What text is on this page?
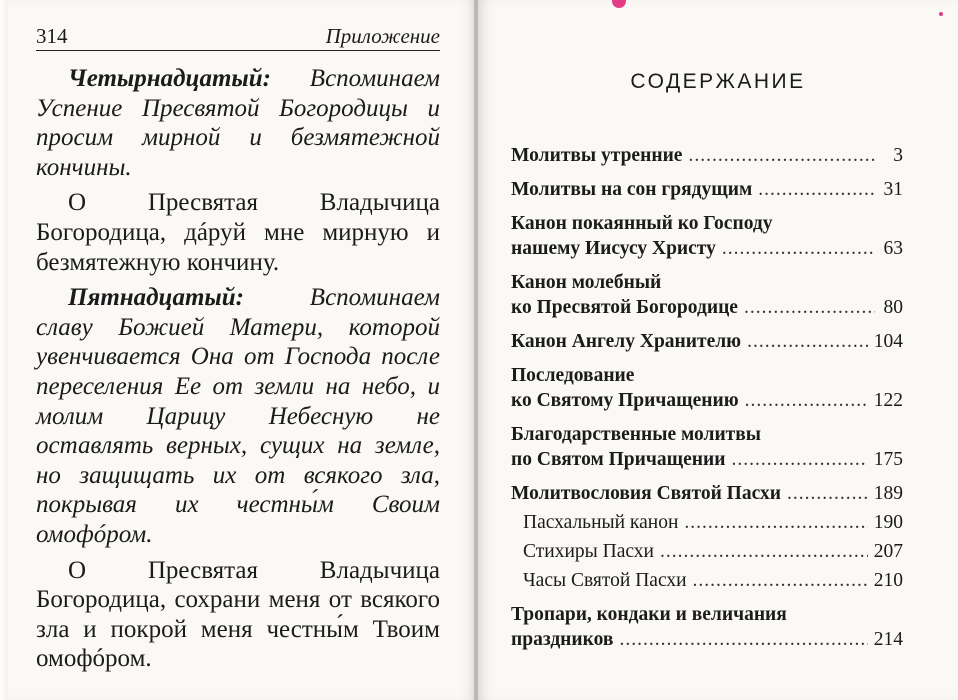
314	Приложение

Четырнадцатый: Вспоминаем Успение Пресвятой Богородицы и просим мирной и безмятежной кончины.

О Пресвятая Владычица Богородица, дáруй мне мирную и безмятежную кончину.

Пятнадцатый:	Вспоминаем славу Божией Матери, которой увенчивается Она от Господа после переселения Ее от земли на небо, и молим Царицу Небесную не оставлять верных, сущих на земле, но защищать их от всякого зла, покрывая их честны́м Своим омофóром.

О Пресвятая Владычица Богородица, сохрани меня от всякого зла и покрой меня честны́м Твоим омофóром.

СОДЕРЖАНИЕ
Молитвы утренние .....	3
Молитвы на сон грядущим .....	31
Канон покаянный ко Господу
нашему Иисусу Христу .....	63
Канон молебный
ко Пресвятой Богородице .....	80
Канон Ангелу Хранителю .....	104
Последование
ко Святому Причащению .....	122
Благодарственные молитвы
по Святом Причащении .....	175
Молитвословия Святой Пасхи .....	189
Пасхальный канон .....	190
Стихиры Пасхи .....	207
Часы Святой Пасхи .....	210
Тропари, кондаки и величания
праздников .....	214
